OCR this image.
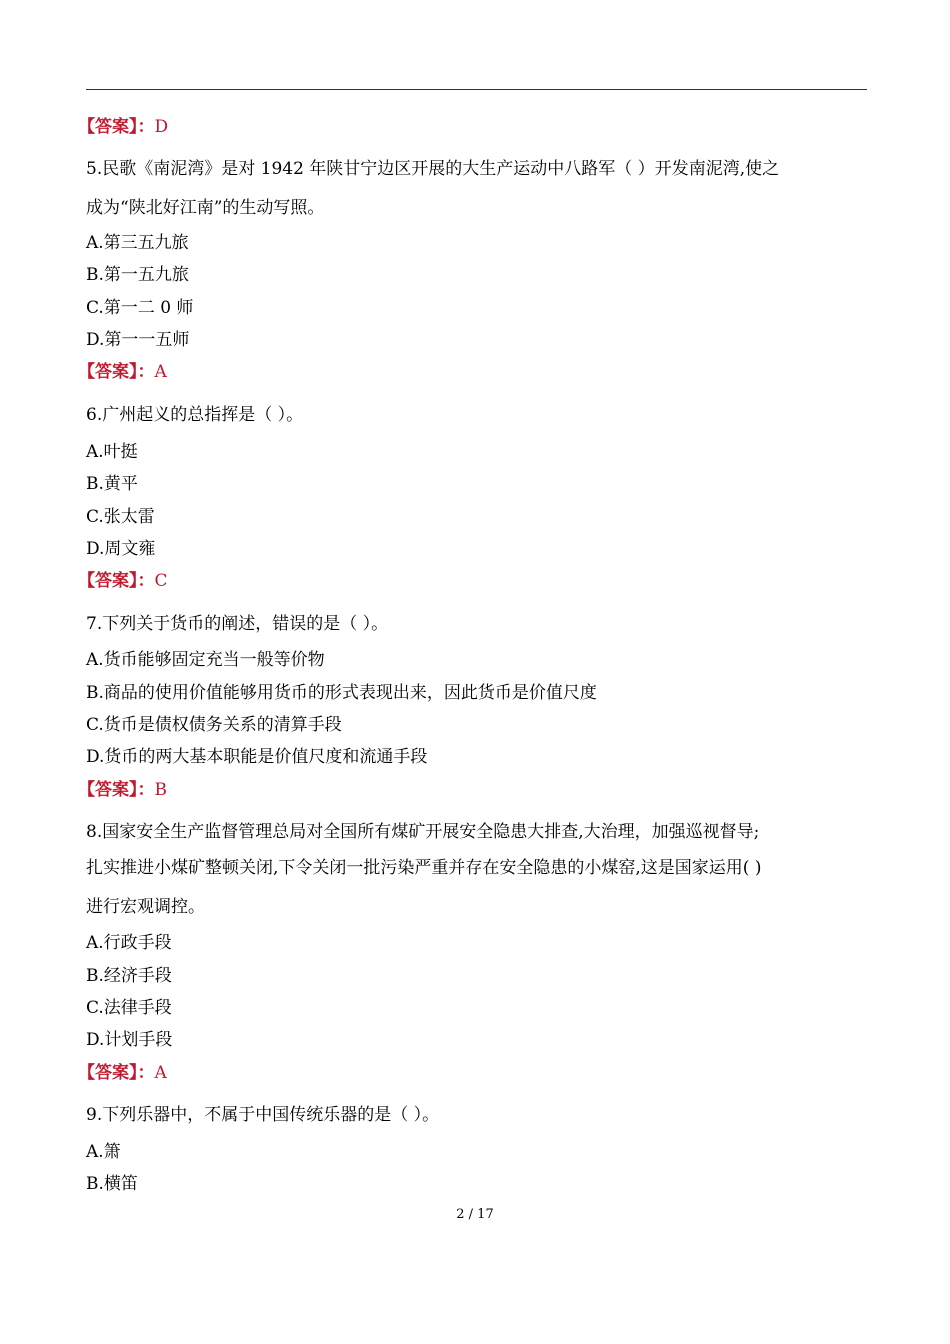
【答案】：D
5.民歌《南泥湾》是对 1942 年陕甘宁边区开展的大生产运动中八路军（ ）开发南泥湾,使之
成为“陕北好江南”的生动写照。
A.第三五九旅
B.第一五九旅
C.第一二 0 师
D.第一一五师
【答案】：A
6.广州起义的总指挥是（ ）。
A.叶挺
B.黄平
C.张太雷
D.周文雍
【答案】：C
7.下列关于货币的阐述，错误的是（ ）。
A.货币能够固定充当一般等价物
B.商品的使用价值能够用货币的形式表现出来，因此货币是价值尺度
C.货币是债权债务关系的清算手段
D.货币的两大基本职能是价值尺度和流通手段
【答案】：B
8.国家安全生产监督管理总局对全国所有煤矿开展安全隐患大排查,大治理，加强巡视督导;
扎实推进小煤矿整顿关闭,下令关闭一批污染严重并存在安全隐患的小煤窑,这是国家运用( )
进行宏观调控。
A.行政手段
B.经济手段
C.法律手段
D.计划手段
【答案】：A
9.下列乐器中，不属于中国传统乐器的是（ ）。
A.箫
B.横笛
2 / 17
